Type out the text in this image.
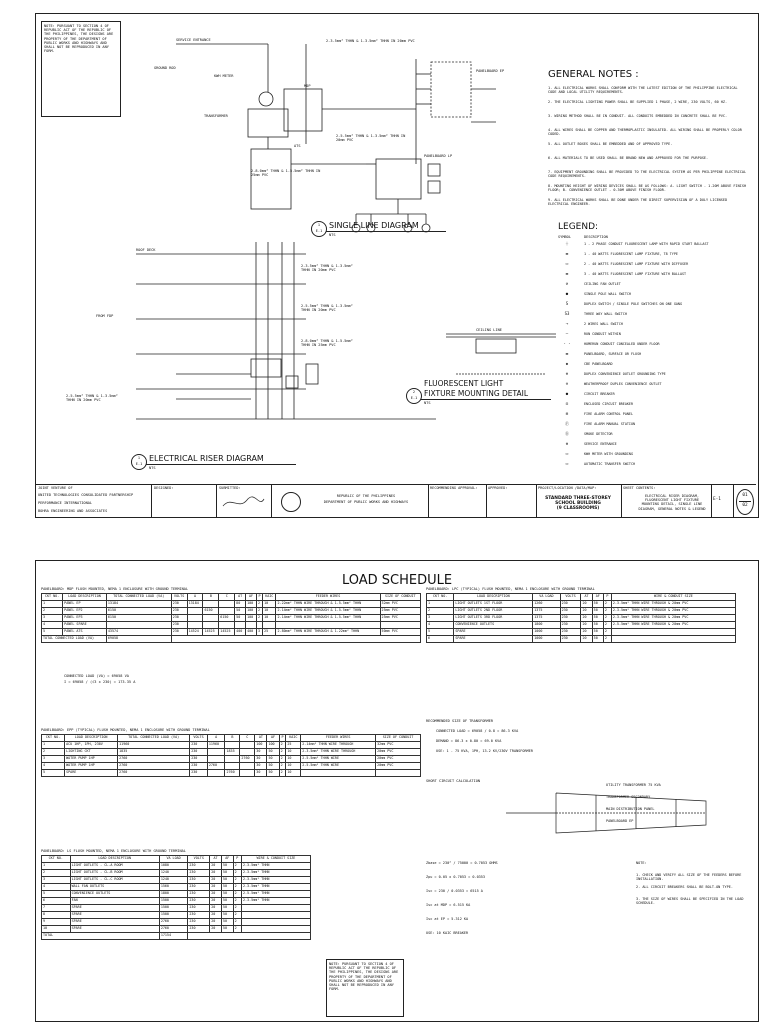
NOTE: PURSUANT TO SECTION 4 OF REPUBLIC ACT OF THE REPUBLIC OF THE PHILIPPINES, THE DESIGNS ARE PROPERTY OF THE DEPARTMENT OF PUBLIC WORKS AND HIGHWAYS AND SHALL NOT BE REPRODUCED IN ANY FORM.
SERVICE ENTRANCE
GROUND ROD
MDP
KWH METER
TRANSFORMER
ATS
PANELBOARD EP
PANELBOARD LP
2-3.5mm² THHN & 1-3.5mm² THHN IN 20mm PVC
2-5.5mm² THHN & 1-3.5mm² THHN IN 20mm PVC
2-8.0mm² THHN & 1-5.5mm² THHN IN 25mm PVC
1
E-1
SINGLE LINE DIAGRAM
NTS
ROOF DECK
FROM FDP
2-3.5mm² THHN & 1-3.5mm² THHN IN 20mm PVC
2-5.5mm² THHN & 1-3.5mm² THHN IN 20mm PVC
2-8.0mm² THHN & 1-5.5mm² THHN IN 25mm PVC
2-5.5mm² THHN & 1-3.5mm² THHN IN 20mm PVC
1
E-1
ELECTRICAL RISER DIAGRAM
NTS
FLUORESCENT LIGHT
2
E-1 FIXTURE MOUNTING DETAIL
NTS
CEILING LINE
GENERAL NOTES :
1. ALL ELECTRICAL WORKS SHALL CONFORM WITH THE LATEST EDITION OF THE PHILIPPINE ELECTRICAL CODE AND LOCAL UTILITY REQUIREMENTS.
2. THE ELECTRICAL LIGHTING POWER SHALL BE SUPPLIED 1 PHASE, 2 WIRE, 230 VOLTS, 60 HZ.
3. WIRING METHOD SHALL BE IN CONDUIT. ALL CONDUITS EMBEDDED IN CONCRETE SHALL BE PVC.
4. ALL WIRES SHALL BE COPPER AND THERMOPLASTIC INSULATED. ALL WIRING SHALL BE PROPERLY COLOR CODED.
5. ALL OUTLET BOXES SHALL BE EMBEDDED AND OF APPROVED TYPE.
6. ALL MATERIALS TO BE USED SHALL BE BRAND NEW AND APPROVED FOR THE PURPOSE.
7. EQUIPMENT GROUNDING SHALL BE PROVIDED TO THE ELECTRICAL SYSTEM AS PER PHILIPPINE ELECTRICAL CODE REQUIREMENTS.
8. MOUNTING HEIGHT OF WIRING DEVICES SHALL BE AS FOLLOWS: A. LIGHT SWITCH - 1.20M ABOVE FINISH FLOOR; B. CONVENIENCE OUTLET - 0.30M ABOVE FINISH FLOOR.
9. ALL ELECTRICAL WORKS SHALL BE DONE UNDER THE DIRECT SUPERVISION OF A DULY LICENSED ELECTRICAL ENGINEER.
LEGEND:
SYMBOL	DESCRIPTION
⏚	1 - 2 PHASE CONDUIT FLUORESCENT LAMP WITH RAPID START BALLAST
▬	1 - 40 WATTS FLUORESCENT LAMP FIXTURE, T8 TYPE
▭	2 - 40 WATTS FLUORESCENT LAMP FIXTURE WITH DIFFUSER
▬	3 - 40 WATTS FLUORESCENT LAMP FIXTURE WITH BALLAST
⊘	CEILING FAN OUTLET
●	SINGLE POLE WALL SWITCH
S	DUPLEX SWITCH / SINGLE POLE SWITCHES ON ONE GANG
S3	THREE WAY WALL SWITCH
⊸	2 WIRES WALL SWITCH
—	RUN CONDUIT WITHIN
- -	HOMERUN CONDUIT CONCEALED UNDER FLOOR
▬	PANELBOARD, SURFACE OR FLUSH
◆	CBE PANELBOARD
⊕	DUPLEX CONVENIENCE OUTLET GROUNDING TYPE
⊖	WEATHERPROOF DUPLEX CONVENIENCE OUTLET
●	CIRCUIT BREAKER
⊡	ENCLOSED CIRCUIT BREAKER
⊞	FIRE ALARM CONTROL PANEL
Ⓕ	FIRE ALARM MANUAL STATION
Ⓓ	SMOKE DETECTOR
⊗	SERVICE ENTRANCE
▭	KWH METER WITH GROUNDING
▭	AUTOMATIC TRANSFER SWITCH
JOINT VENTURE OF
UNITED TECHNOLOGIES CONSOLIDATED PARTNERSHIP
PERFORMANCE INTERNATIONAL
BOHRA ENGINEERING AND ASSOCIATES
DESIGNED:	SUBMITTED:
REPUBLIC OF THE PHILIPPINES
DEPARTMENT OF PUBLIC WORKS AND HIGHWAYS
RECOMMENDING APPROVAL:	APPROVED:	PROJECT/LOCATION /DATA/MAP:
STANDARD THREE-STOREY
SCHOOL BUILDING
(9 CLASSROOMS)
SHEET CONTENTS:
ELECTRICAL RISER DIAGRAM, FLUORESCENT LIGHT FIXTURE MOUNTING DETAIL, SINGLE LINE DIAGRAM, GENERAL NOTES & LEGEND
E-1
01
02
LOAD SCHEDULE
PANELBOARD: MDP FLUSH MOUNTED, NEMA 1 ENCLOSURE WITH GROUND TERMINAL
CKT NO.	LOAD DESCRIPTION	TOTAL CONNECTED LOAD (VA)	VOLTS	A	B	C	AT	AF	P	KAIC	FEEDER WIRES	SIZE OF CONDUIT
1	PANEL EP	13184	230	13184			80	100	2	10	2-22mm² THHN WIRE THROUGH & 1-5.5mm² THHN	32mm PVC
2	PANEL EP2	6150	230		6150		50	100	2	10	2-14mm² THHN WIRE THROUGH & 1-5.5mm² THHN	25mm PVC
3	PANEL EP3	6150	230			6150	50	100	2	10	2-14mm² THHN WIRE THROUGH & 1-5.5mm² THHN	25mm PVC
4	PANEL SPARE		230									
5	PANEL ATS	43574	230	14524	14525	14525	400	400	3	25	2-80mm² THHN WIRE THROUGH & 1-22mm² THHN	50mm PVC
TOTAL CONNECTED LOAD (VA)		69058										
CONNECTED LOAD (VA) = 69058 VA
I = 69058 / (√3 x 230) = 173.35 A
PANELBOARD: EPP (TYPICAL) FLUSH MOUNTED, NEMA 1 ENCLOSURE WITH GROUND TERMINAL
CKT NO.	LOAD DESCRIPTION	TOTAL CONNECTED LOAD (VA)	VOLTS	A	B	C	AT	AF	P	KAIC	FEEDER WIRES	SIZE OF CONDUIT
1	ACU 1HP, 1PH, 230V	11960	230	11960			100	100	2	25	2-14mm² THHN WIRE THROUGH	32mm PVC
2	LIGHTING CKT	1835	230		1835		30	50	2	10	2-3.5mm² THHN WIRE THROUGH	20mm PVC
3	WATER PUMP 1HP	2760	230			2760	30	50	2	10	2-5.5mm² THHN WIRE	20mm PVC
4	WATER PUMP 1HP	2760	230	2760			30	50	2	10	2-5.5mm² THHN WIRE	20mm PVC
5	SPARE	2760	230		2760		30	50	2	10		
PANELBOARD: LPC (TYPICAL) FLUSH MOUNTED, NEMA 1 ENCLOSURE WITH GROUND TERMINAL
CKT NO.	LOAD DESCRIPTION	VA LOAD	VOLTS	AT	AF	P	WIRE & CONDUIT SIZE
1	LIGHT OUTLETS 1ST FLOOR	1260	230	20	50	2	2-3.5mm² THHN WIRE THROUGH & 20mm PVC
2	LIGHT OUTLETS 2ND FLOOR	1375	230	20	50	2	2-3.5mm² THHN WIRE THROUGH & 20mm PVC
3	LIGHT OUTLETS 3RD FLOOR	1375	230	20	50	2	2-3.5mm² THHN WIRE THROUGH & 20mm PVC
4	CONVENIENCE OUTLETS	1800	230	20	50	2	2-5.5mm² THHN WIRE THROUGH & 20mm PVC
5	SPARE	1000	230	20	50	2	
6	SPARE	1000	230	20	50	2	
PANELBOARD: LS FLUSH MOUNTED, NEMA 1 ENCLOSURE WITH GROUND TERMINAL
CKT NO.	LOAD DESCRIPTION	VA LOAD	VOLTS	AT	AF	P	WIRE & CONDUIT SIZE
1	LIGHT OUTLETS - CL-A ROOM	1080	230	20	50	2	2-3.5mm² THHN
2	LIGHT OUTLETS - CL-B ROOM	1240	230	20	50	2	2-3.5mm² THHN
3	LIGHT OUTLETS - CL-C ROOM	1240	230	20	50	2	2-3.5mm² THHN
4	WALL FAN OUTLETS	1560	230	20	50	2	2-3.5mm² THHN
5	CONVENIENCE OUTLETS	1800	230	20	50	2	2-5.5mm² THHN
6	FAN	1500	230	20	50	2	2-3.5mm² THHN
7	SPARE	1500	230	20	50	2	
8	SPARE	1500	230	20	50	2	
9	SPARE	2760	230	20	50	2	
10	SPARE	2760	230	20	50	2	
TOTAL		17154					
NOTE: PURSUANT TO SECTION 4 OF REPUBLIC ACT OF THE REPUBLIC OF THE PHILIPPINES, THE DESIGNS ARE PROPERTY OF THE DEPARTMENT OF PUBLIC WORKS AND HIGHWAYS AND SHALL NOT BE REPRODUCED IN ANY FORM.
RECOMMENDED SIZE OF TRANSFORMER
CONNECTED LOAD = 69058 / 0.8 = 86.3 KVA
DEMAND = 86.3 x 0.80 = 69.0 KVA
USE: 1 - 75 KVA, 1PH, 13.2 KV/230V TRANSFORMER
SHORT CIRCUIT CALCULATION
UTILITY TRANSFORMER 75 KVA
TRANSFORMER SECONDARY
MAIN DISTRIBUTION PANEL
PANELBOARD EP
Zbase = 230² / 75000 = 0.7053 OHMS
Zpu = 0.05 x 0.7053 = 0.0353
Isc = 230 / 0.0353 = 6515 A
Isc at MDP = 6.515 KA
Isc at EP = 5.312 KA
USE: 10 KAIC BREAKER
NOTE:
1. CHECK AND VERIFY ALL SIZE OF THE FEEDERS BEFORE INSTALLATION.
2. ALL CIRCUIT BREAKERS SHALL BE BOLT-ON TYPE.
3. THE SIZE OF WIRES SHALL BE SPECIFIED IN THE LOAD SCHEDULE.
